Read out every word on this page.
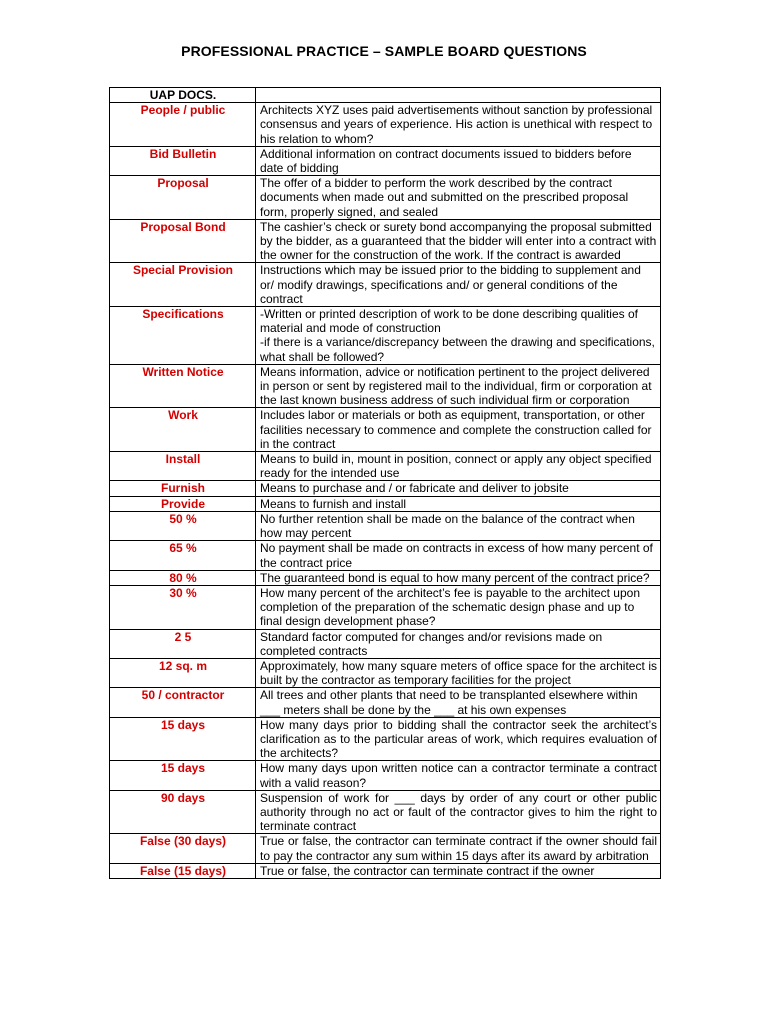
PROFESSIONAL PRACTICE – SAMPLE BOARD QUESTIONS
UAP DOCS.	
People / public	Architects XYZ uses paid advertisements without sanction by professional consensus and years of experience. His action is unethical with respect to his relation to whom?
Bid Bulletin	Additional information on contract documents issued to bidders before date of bidding
Proposal	The offer of a bidder to perform the work described by the contract documents when made out and submitted on the prescribed proposal form, properly signed, and sealed
Proposal Bond	The cashier’s check or surety bond accompanying the proposal submitted by the bidder, as a guaranteed that the bidder will enter into a contract with the owner for the construction of the work. If the contract is awarded
Special Provision	Instructions which may be issued prior to the bidding to supplement and or/ modify drawings, specifications and/ or general conditions of the contract
Specifications	-Written or printed description of work to be done describing qualities of material and mode of construction
-if there is a variance/discrepancy between the drawing and specifications, what shall be followed?
Written Notice	Means information, advice or notification pertinent to the project delivered in person or sent by registered mail to the individual, firm or corporation at the last known business address of such individual firm or corporation
Work	Includes labor or materials or both as equipment, transportation, or other facilities necessary to commence and complete the construction called for in the contract
Install	Means to build in, mount in position, connect or apply any object specified ready for the intended use
Furnish	Means to purchase and / or fabricate and deliver to jobsite
Provide	Means to furnish and install
50 %	No further retention shall be made on the balance of the contract when how may percent
65 %	No payment shall be made on contracts in excess of how many percent of the contract price
80 %	The guaranteed bond is equal to how many percent of the contract price?
30 %	How many percent of the architect’s fee is payable to the architect upon completion of the preparation of the schematic design phase and up to final design development phase?
2 5	Standard factor computed for changes and/or revisions made on completed contracts
12 sq. m	Approximately, how many square meters of office space for the architect is built by the contractor as temporary facilities for the project
50 / contractor	All trees and other plants that need to be transplanted elsewhere within ___ meters shall be done by the ___ at his own expenses
15 days	How many days prior to bidding shall the contractor seek the architect’s clarification as to the particular areas of work, which requires evaluation of the architects?
15 days	How many days upon written notice can a contractor terminate a contract with a valid reason?
90 days	Suspension of work for ___ days by order of any court or other public authority through no act or fault of the contractor gives to him the right to terminate contract
False (30 days)	True or false, the contractor can terminate contract if the owner should fail to pay the contractor any sum within 15 days after its award by arbitration
False (15 days)	True or false, the contractor can terminate contract if the owner
